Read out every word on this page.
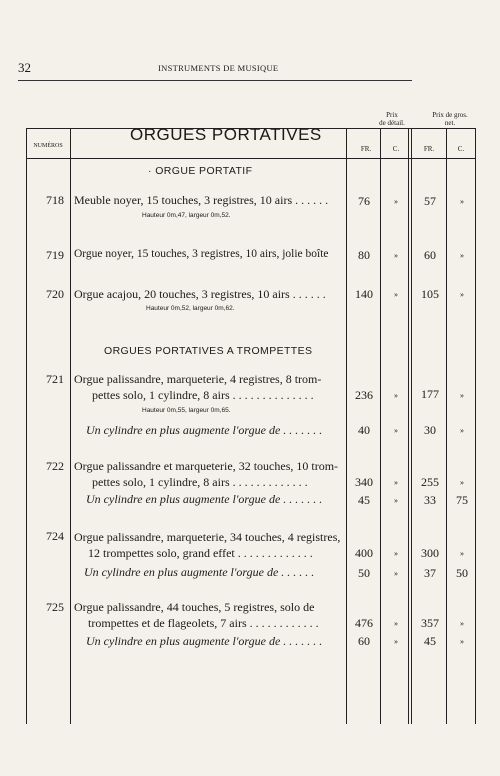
32	INSTRUMENTS DE MUSIQUE
Prix
de détail.
Prix de gros.
net.
NUMÉROS	FR.	C.	FR.	C.
ORGUES PORTATIVES
· ORGUE PORTATIF
ORGUES PORTATIVES A TROMPETTES
718 Meuble noyer, 15 touches, 3 registres, 10 airs . . . . . .
Hauteur 0m,47, largeur 0m,52.
76	»	57	»
719 Orgue noyer, 15 touches, 3 registres, 10 airs, jolie boîte	80	»	60	»
720 Orgue acajou, 20 touches, 3 registres, 10 airs . . . . . .
Hauteur 0m,52, largeur 0m,62.
140	»	105	»
721 Orgue palissandre, marqueterie, 4 registres, 8 trom-
pettes solo, 1 cylindre, 8 airs . . . . . . . . . . . . . .
Hauteur 0m,55, largeur 0m,65.
236	»	177	»
Un cylindre en plus augmente l'orgue de . . . . . . .	40	»	30	»
722 Orgue palissandre et marqueterie, 32 touches, 10 trom-
pettes solo, 1 cylindre, 8 airs . . . . . . . . . . . . .	340	»	255	»
Un cylindre en plus augmente l'orgue de . . . . . . .	45	»	33	75
724 Orgue palissandre, marqueterie, 34 touches, 4 registres,
12 trompettes solo, grand effet . . . . . . . . . . . . .	400	»	300	»
Un cylindre en plus augmente l'orgue de . . . . . .	50	»	37	50
725 Orgue palissandre, 44 touches, 5 registres, solo de
trompettes et de flageolets, 7 airs . . . . . . . . . . . .	476	»	357	»
Un cylindre en plus augmente l'orgue de . . . . . . .	60	»	45	»
